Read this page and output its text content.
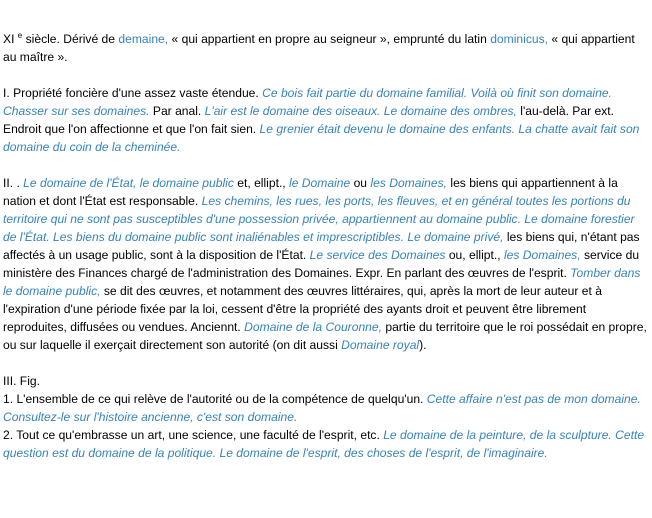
XI $^e$ siècle. Dérivé de demaine, « qui appartient en propre au seigneur », emprunté du latin dominicus, « qui appartient au maître ».

I. Propriété foncière d'une assez vaste étendue. Ce bois fait partie du domaine familial. Voilà où finit son domaine. Chasser sur ses domaines. Par anal. L'air est le domaine des oiseaux. Le domaine des ombres, l'au-delà. Par ext. Endroit que l'on affectionne et que l'on fait sien. Le grenier était devenu le domaine des enfants. La chatte avait fait son domaine du coin de la cheminée.

II. . Le domaine de l'État, le domaine public et, ellipt., le Domaine ou les Domaines, les biens qui appartiennent à la nation et dont l'État est responsable. Les chemins, les rues, les ports, les fleuves, et en général toutes les portions du territoire qui ne sont pas susceptibles d'une possession privée, appartiennent au domaine public. Le domaine forestier de l'État. Les biens du domaine public sont inaliénables et imprescriptibles. Le domaine privé, les biens qui, n'étant pas affectés à un usage public, sont à la disposition de l'État. Le service des Domaines ou, ellipt., les Domaines, service du ministère des Finances chargé de l'administration des Domaines. Expr. En parlant des œuvres de l'esprit. Tomber dans le domaine public, se dit des œuvres, et notamment des œuvres littéraires, qui, après la mort de leur auteur et à l'expiration d'une période fixée par la loi, cessent d'être la propriété des ayants droit et peuvent être librement reproduites, diffusées ou vendues. Anciennt. Domaine de la Couronne, partie du territoire que le roi possédait en propre, ou sur laquelle il exerçait directement son autorité (on dit aussi Domaine royal).

III. Fig.
1. L'ensemble de ce qui relève de l'autorité ou de la compétence de quelqu'un. Cette affaire n'est pas de mon domaine. Consultez-le sur l'histoire ancienne, c'est son domaine.
2. Tout ce qu'embrasse un art, une science, une faculté de l'esprit, etc. Le domaine de la peinture, de la sculpture. Cette question est du domaine de la politique. Le domaine de l'esprit, des choses de l'esprit, de l'imaginaire.
